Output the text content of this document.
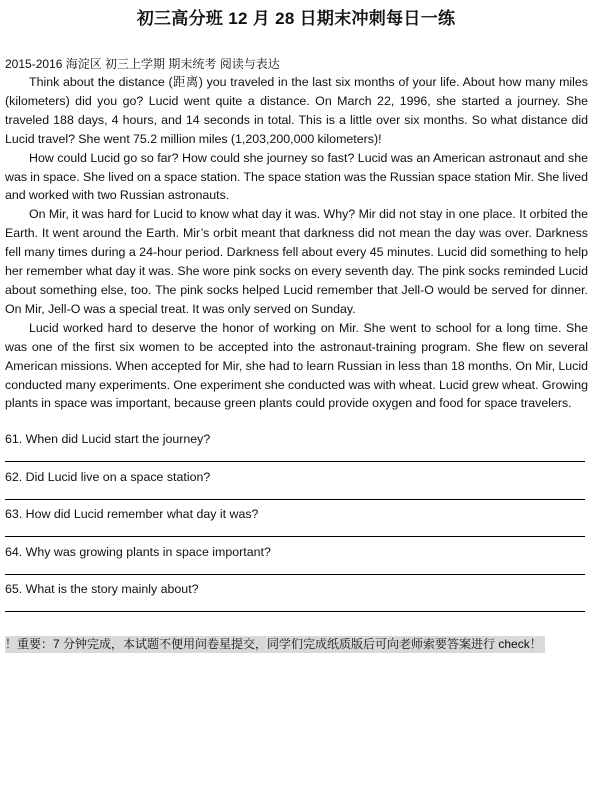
初三高分班 12 月 28 日期末冲刺每日一练
2015-2016 海淀区 初三上学期 期末统考 阅读与表达

Think about the distance (距离) you traveled in the last six months of your life. About how many miles (kilometers) did you go? Lucid went quite a distance. On March 22, 1996, she started a journey. She traveled 188 days, 4 hours, and 14 seconds in total. This is a little over six months. So what distance did Lucid travel? She went 75.2 million miles (1,203,200,000 kilometers)!

How could Lucid go so far? How could she journey so fast? Lucid was an American astronaut and she was in space. She lived on a space station. The space station was the Russian space station Mir. She lived and worked with two Russian astronauts.

On Mir, it was hard for Lucid to know what day it was. Why? Mir did not stay in one place. It orbited the Earth. It went around the Earth. Mir’s orbit meant that darkness did not mean the day was over. Darkness fell many times during a 24-hour period. Darkness fell about every 45 minutes. Lucid did something to help her remember what day it was. She wore pink socks on every seventh day. The pink socks reminded Lucid about something else, too. The pink socks helped Lucid remember that Jell-O would be served for dinner. On Mir, Jell-O was a special treat. It was only served on Sunday.

Lucid worked hard to deserve the honor of working on Mir. She went to school for a long time. She was one of the first six women to be accepted into the astronaut-training program. She flew on several American missions. When accepted for Mir, she had to learn Russian in less than 18 months. On Mir, Lucid conducted many experiments. One experiment she conducted was with wheat. Lucid grew wheat. Growing plants in space was important, because green plants could provide oxygen and food for space travelers.

61. When did Lucid start the journey?
62. Did Lucid live on a space station?
63. How did Lucid remember what day it was?
64. Why was growing plants in space important?
65. What is the story mainly about?
！重要：7 分钟完成，本试题不便用问卷星提交，同学们完成纸质版后可向老师索要答案进行 check！
